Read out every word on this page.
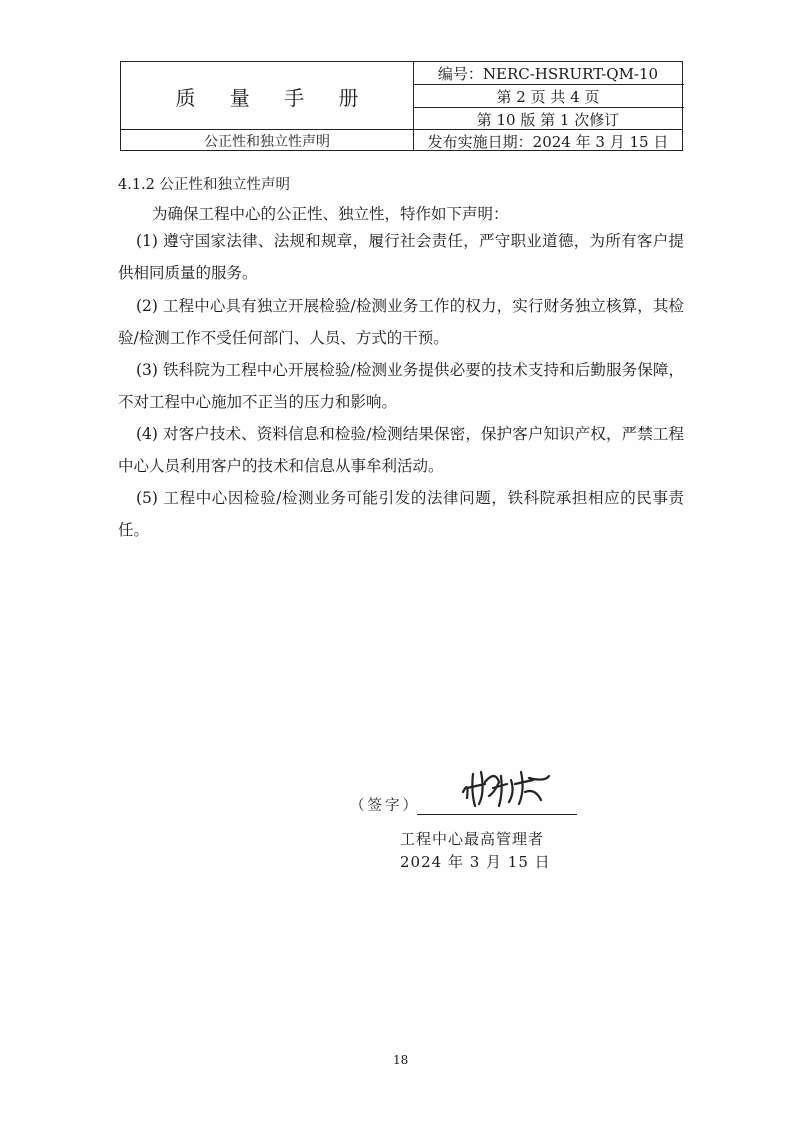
质 量 手 册
公正性和独立性声明
编号：NERC-HSRURT-QM-10
第 2 页 共 4 页
第 10 版 第 1 次修订
发布实施日期：2024 年 3 月 15 日
4.1.2 公正性和独立性声明
为确保工程中心的公正性、独立性，特作如下声明：
(1) 遵守国家法律、法规和规章，履行社会责任，严守职业道德，为所有客户提供相同质量的服务。
(2) 工程中心具有独立开展检验/检测业务工作的权力，实行财务独立核算，其检验/检测工作不受任何部门、人员、方式的干预。
(3) 铁科院为工程中心开展检验/检测业务提供必要的技术支持和后勤服务保障，不对工程中心施加不正当的压力和影响。
(4) 对客户技术、资料信息和检验/检测结果保密，保护客户知识产权，严禁工程中心人员利用客户的技术和信息从事牟利活动。
(5) 工程中心因检验/检测业务可能引发的法律问题，铁科院承担相应的民事责任。
（签字）
工程中心最高管理者
2024 年 3 月 15 日
18
